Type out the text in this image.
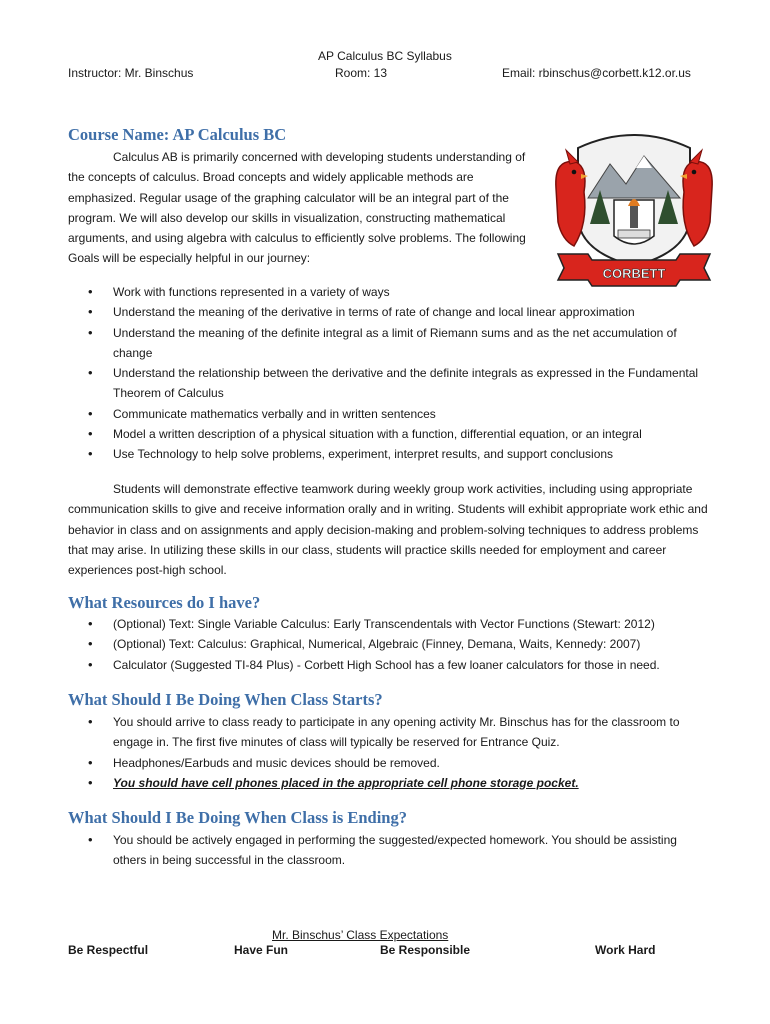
AP Calculus BC Syllabus
Instructor: Mr. Binschus	Room: 13	Email: rbinschus@corbett.k12.or.us
Course Name: AP Calculus BC

Calculus AB is primarily concerned with developing students understanding of the concepts of calculus. Broad concepts and widely applicable methods are emphasized. Regular usage of the graphing calculator will be an integral part of the program. We will also develop our skills in visualization, constructing mathematical arguments, and using algebra with calculus to efficiently solve problems. The following Goals will be especially helpful in our journey:

CORBETT
• Work with functions represented in a variety of ways
• Understand the meaning of the derivative in terms of rate of change and local linear approximation
• Understand the meaning of the definite integral as a limit of Riemann sums and as the net accumulation of change
• Understand the relationship between the derivative and the definite integrals as expressed in the Fundamental Theorem of Calculus
• Communicate mathematics verbally and in written sentences
• Model a written description of a physical situation with a function, differential equation, or an integral
• Use Technology to help solve problems, experiment, interpret results, and support conclusions

Students will demonstrate effective teamwork during weekly group work activities, including using appropriate communication skills to give and receive information orally and in writing. Students will exhibit appropriate work ethic and behavior in class and on assignments and apply decision-making and problem-solving techniques to address problems that may arise. In utilizing these skills in our class, students will practice skills needed for employment and career experiences post-high school.

What Resources do I have?
• (Optional) Text: Single Variable Calculus: Early Transcendentals with Vector Functions (Stewart: 2012)
• (Optional) Text: Calculus: Graphical, Numerical, Algebraic (Finney, Demana, Waits, Kennedy: 2007)
• Calculator (Suggested TI-84 Plus) - Corbett High School has a few loaner calculators for those in need.
What Should I Be Doing When Class Starts?
• You should arrive to class ready to participate in any opening activity Mr. Binschus has for the classroom to engage in. The first five minutes of class will typically be reserved for Entrance Quiz.
• Headphones/Earbuds and music devices should be removed.
• You should have cell phones placed in the appropriate cell phone storage pocket.
What Should I Be Doing When Class is Ending?
• You should be actively engaged in performing the suggested/expected homework. You should be assisting others in being successful in the classroom.
Mr. Binschus’ Class Expectations
Be Respectful	Have Fun	Be Responsible	Work Hard
